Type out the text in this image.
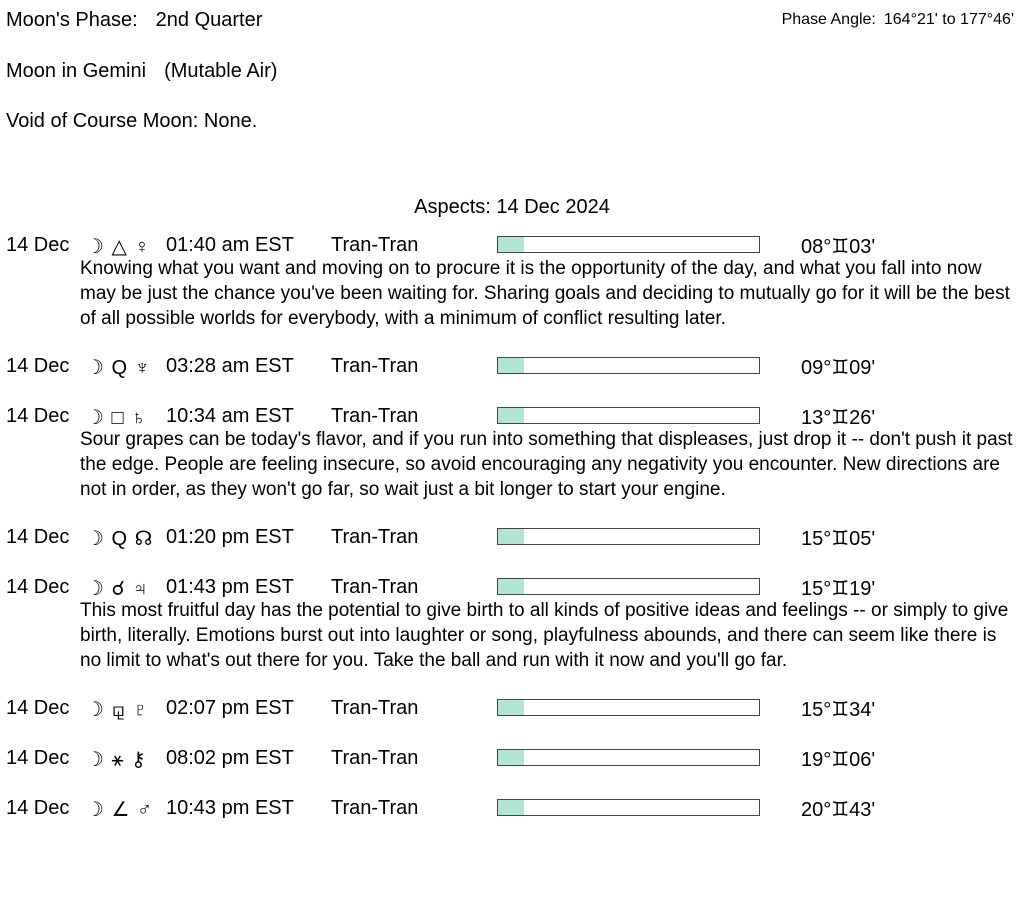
Moon's Phase: 2nd Quarter	Phase Angle: 164°21' to 177°46'
Moon in Gemini (Mutable Air)
Void of Course Moon: None.
Aspects: 14 Dec 2024
14 Dec ☽ △ ♀ 01:40 am EST Tran-Tran	08°♊03'
Knowing what you want and moving on to procure it is the opportunity of the day, and what you fall into now may be just the chance you've been waiting for. Sharing goals and deciding to mutually go for it will be the best of all possible worlds for everybody, with a minimum of conflict resulting later.
14 Dec ☽ Q ♆ 03:28 am EST Tran-Tran	09°♊09'
14 Dec ☽ □ ♄ 10:34 am EST Tran-Tran	13°♊26'
Sour grapes can be today's flavor, and if you run into something that displeases, just drop it -- don't push it past the edge. People are feeling insecure, so avoid encouraging any negativity you encounter. New directions are not in order, as they won't go far, so wait just a bit longer to start your engine.
14 Dec ☽ Q ☊ 01:20 pm EST Tran-Tran	15°♊05'
14 Dec ☽ ☌ ♃ 01:43 pm EST Tran-Tran	15°♊19'
This most fruitful day has the potential to give birth to all kinds of positive ideas and feelings -- or simply to give birth, literally. Emotions burst out into laughter or song, playfulness abounds, and there can seem like there is no limit to what's out there for you. Take the ball and run with it now and you'll go far.
14 Dec ☽ ⚼ ♇ 02:07 pm EST Tran-Tran	15°♊34'
14 Dec ☽ ⚹ ⚷ 08:02 pm EST Tran-Tran	19°♊06'
14 Dec ☽ ∠ ♂ 10:43 pm EST Tran-Tran	20°♊43'
